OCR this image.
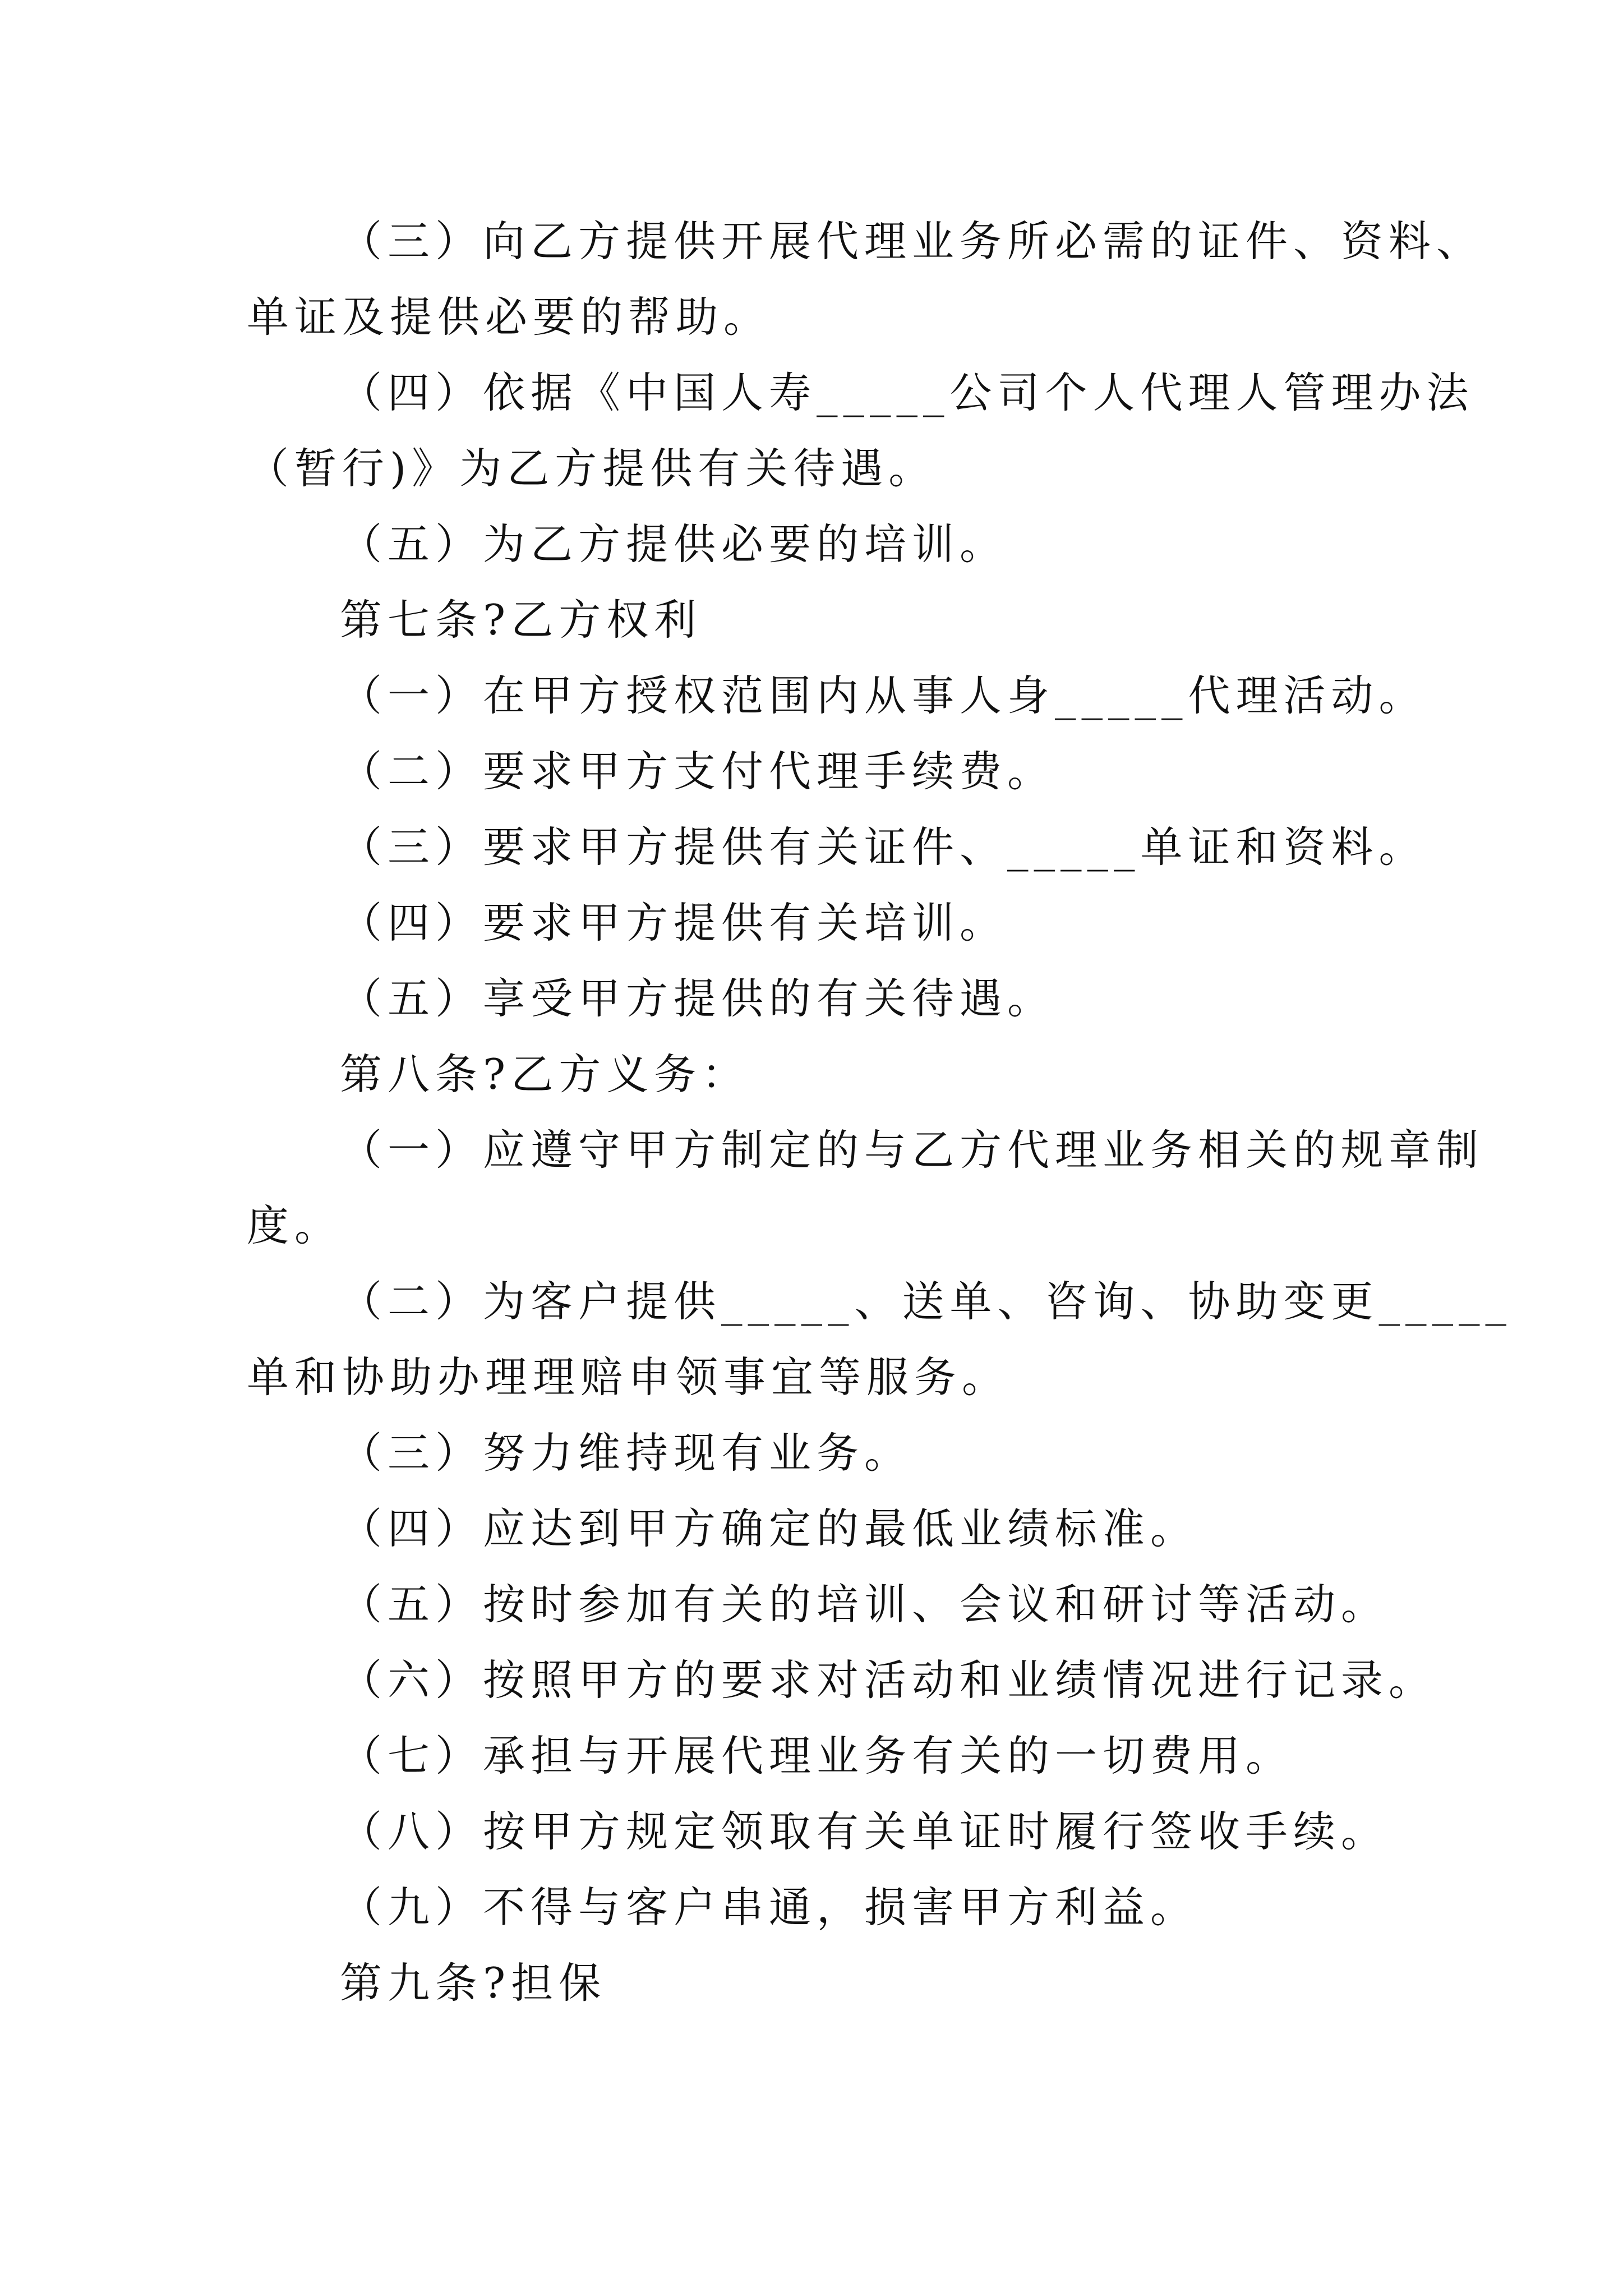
（三）向乙方提供开展代理业务所必需的证件、资料、

单证及提供必要的帮助。

（四）依据《中国人寿_____公司个人代理人管理办法

（暂行)》为乙方提供有关待遇。

（五）为乙方提供必要的培训。

第七条?乙方权利

（一）在甲方授权范围内从事人身_____代理活动。

（二）要求甲方支付代理手续费。

（三）要求甲方提供有关证件、_____单证和资料。

（四）要求甲方提供有关培训。

（五）享受甲方提供的有关待遇。

第八条?乙方义务：

（一）应遵守甲方制定的与乙方代理业务相关的规章制

度。

（二）为客户提供_____、送单、咨询、协助变更_____

单和协助办理理赔申领事宜等服务。

（三）努力维持现有业务。

（四）应达到甲方确定的最低业绩标准。

（五）按时参加有关的培训、会议和研讨等活动。

（六）按照甲方的要求对活动和业绩情况进行记录。

（七）承担与开展代理业务有关的一切费用。

（八）按甲方规定领取有关单证时履行签收手续。

（九）不得与客户串通，损害甲方利益。

第九条?担保
